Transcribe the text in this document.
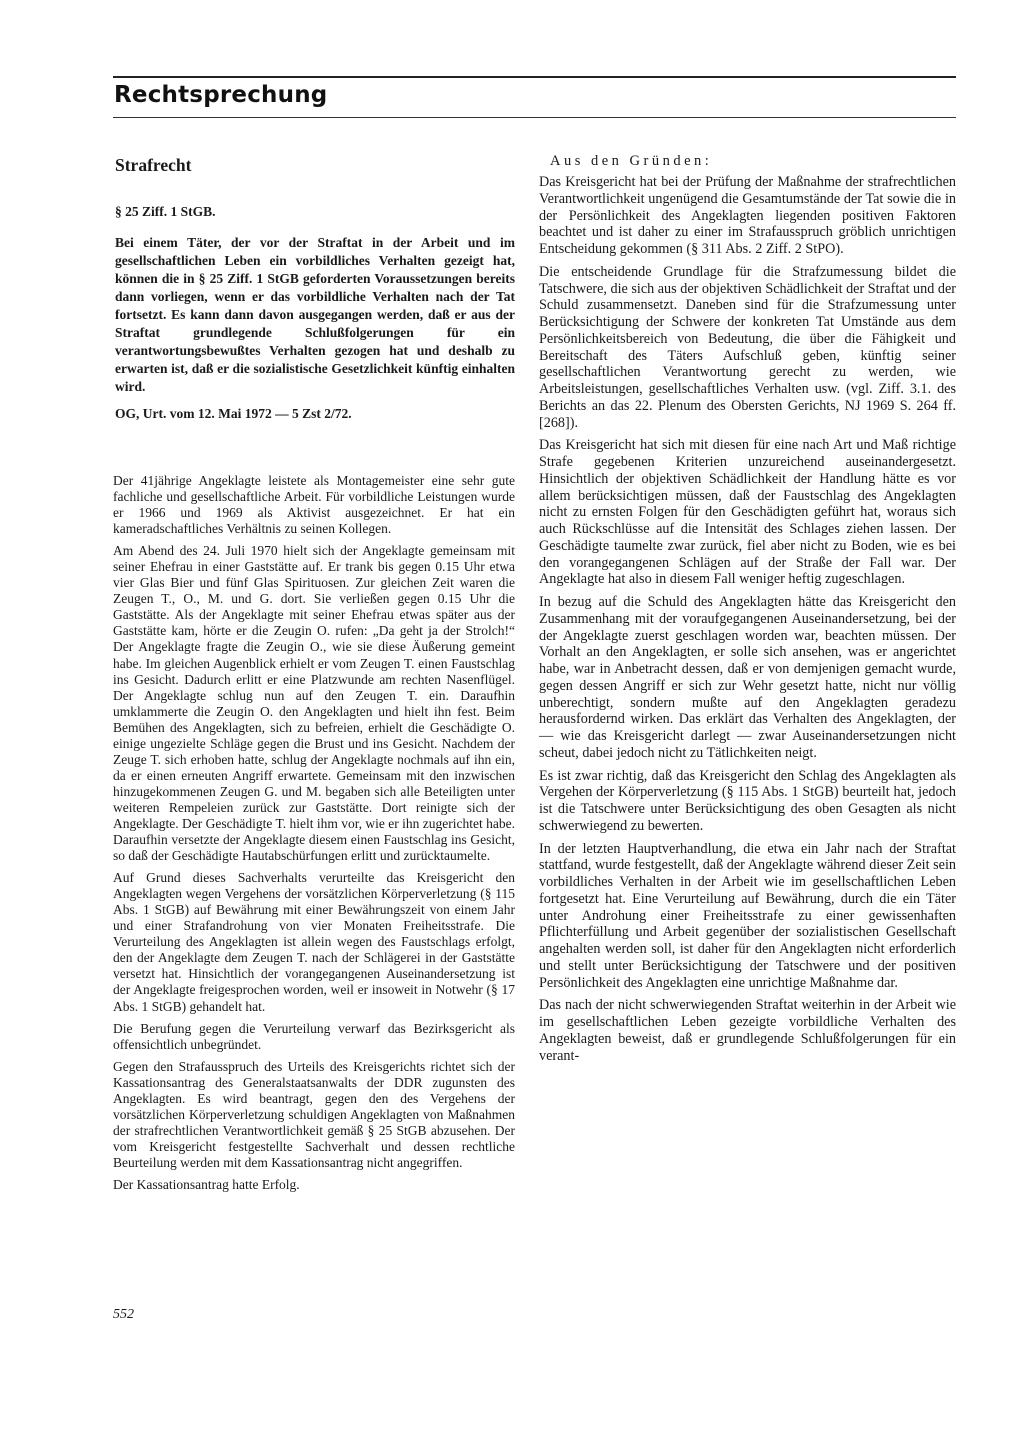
Rechtsprechung
Strafrecht
§ 25 Ziff. 1 StGB.
Bei einem Täter, der vor der Straftat in der Arbeit und im gesellschaftlichen Leben ein vorbildliches Verhalten gezeigt hat, können die in § 25 Ziff. 1 StGB geforderten Voraussetzungen bereits dann vorliegen, wenn er das vorbildliche Verhalten nach der Tat fortsetzt. Es kann dann davon ausgegangen werden, daß er aus der Straftat grundlegende Schlußfolgerungen für ein verantwortungsbewußtes Verhalten gezogen hat und deshalb zu erwarten ist, daß er die sozialistische Gesetzlichkeit künftig einhalten wird.
OG, Urt. vom 12. Mai 1972 — 5 Zst 2/72.

Der 41jährige Angeklagte leistete als Montagemeister eine sehr gute fachliche und gesellschaftliche Arbeit. Für vorbildliche Leistungen wurde er 1966 und 1969 als Aktivist ausgezeichnet. Er hat ein kameradschaftliches Verhältnis zu seinen Kollegen.

Am Abend des 24. Juli 1970 hielt sich der Angeklagte gemeinsam mit seiner Ehefrau in einer Gaststätte auf. Er trank bis gegen 0.15 Uhr etwa vier Glas Bier und fünf Glas Spirituosen. Zur gleichen Zeit waren die Zeugen T., O., M. und G. dort. Sie verließen gegen 0.15 Uhr die Gaststätte. Als der Angeklagte mit seiner Ehefrau etwas später aus der Gaststätte kam, hörte er die Zeugin O. rufen: „Da geht ja der Strolch!“ Der Angeklagte fragte die Zeugin O., wie sie diese Äußerung gemeint habe. Im gleichen Augenblick erhielt er vom Zeugen T. einen Faustschlag ins Gesicht. Dadurch erlitt er eine Platzwunde am rechten Nasenflügel. Der Angeklagte schlug nun auf den Zeugen T. ein. Daraufhin umklammerte die Zeugin O. den Angeklagten und hielt ihn fest. Beim Bemühen des Angeklagten, sich zu befreien, erhielt die Geschädigte O. einige ungezielte Schläge gegen die Brust und ins Gesicht. Nachdem der Zeuge T. sich erhoben hatte, schlug der Angeklagte nochmals auf ihn ein, da er einen erneuten Angriff erwartete. Gemeinsam mit den inzwischen hinzugekommenen Zeugen G. und M. begaben sich alle Beteiligten unter weiteren Rempeleien zurück zur Gaststätte. Dort reinigte sich der Angeklagte. Der Geschädigte T. hielt ihm vor, wie er ihn zugerichtet habe. Daraufhin versetzte der Angeklagte diesem einen Faustschlag ins Gesicht, so daß der Geschädigte Hautabschürfungen erlitt und zurücktaumelte.

Auf Grund dieses Sachverhalts verurteilte das Kreisgericht den Angeklagten wegen Vergehens der vorsätzlichen Körperverletzung (§ 115 Abs. 1 StGB) auf Bewährung mit einer Bewährungszeit von einem Jahr und einer Strafandrohung von vier Monaten Freiheitsstrafe. Die Verurteilung des Angeklagten ist allein wegen des Faustschlags erfolgt, den der Angeklagte dem Zeugen T. nach der Schlägerei in der Gaststätte versetzt hat. Hinsichtlich der vorangegangenen Auseinandersetzung ist der Angeklagte freigesprochen worden, weil er insoweit in Notwehr (§ 17 Abs. 1 StGB) gehandelt hat.

Die Berufung gegen die Verurteilung verwarf das Bezirksgericht als offensichtlich unbegründet.

Gegen den Strafausspruch des Urteils des Kreisgerichts richtet sich der Kassationsantrag des Generalstaatsanwalts der DDR zugunsten des Angeklagten. Es wird beantragt, gegen den des Vergehens der vorsätzlichen Körperverletzung schuldigen Angeklagten von Maßnahmen der strafrechtlichen Verantwortlichkeit gemäß § 25 StGB abzusehen. Der vom Kreisgericht festgestellte Sachverhalt und dessen rechtliche Beurteilung werden mit dem Kassationsantrag nicht angegriffen.

Der Kassationsantrag hatte Erfolg.

Aus den Gründen:

Das Kreisgericht hat bei der Prüfung der Maßnahme der strafrechtlichen Verantwortlichkeit ungenügend die Gesamtumstände der Tat sowie die in der Persönlichkeit des Angeklagten liegenden positiven Faktoren beachtet und ist daher zu einer im Strafausspruch gröblich unrichtigen Entscheidung gekommen (§ 311 Abs. 2 Ziff. 2 StPO).

Die entscheidende Grundlage für die Strafzumessung bildet die Tatschwere, die sich aus der objektiven Schädlichkeit der Straftat und der Schuld zusammensetzt. Daneben sind für die Strafzumessung unter Berücksichtigung der Schwere der konkreten Tat Umstände aus dem Persönlichkeitsbereich von Bedeutung, die über die Fähigkeit und Bereitschaft des Täters Aufschluß geben, künftig seiner gesellschaftlichen Verantwortung gerecht zu werden, wie Arbeitsleistungen, gesellschaftliches Verhalten usw. (vgl. Ziff. 3.1. des Berichts an das 22. Plenum des Obersten Gerichts, NJ 1969 S. 264 ff. [268]).

Das Kreisgericht hat sich mit diesen für eine nach Art und Maß richtige Strafe gegebenen Kriterien unzureichend auseinandergesetzt. Hinsichtlich der objektiven Schädlichkeit der Handlung hätte es vor allem berücksichtigen müssen, daß der Faustschlag des Angeklagten nicht zu ernsten Folgen für den Geschädigten geführt hat, woraus sich auch Rückschlüsse auf die Intensität des Schlages ziehen lassen. Der Geschädigte taumelte zwar zurück, fiel aber nicht zu Boden, wie es bei den vorangegangenen Schlägen auf der Straße der Fall war. Der Angeklagte hat also in diesem Fall weniger heftig zugeschlagen.

In bezug auf die Schuld des Angeklagten hätte das Kreisgericht den Zusammenhang mit der voraufgegangenen Auseinandersetzung, bei der der Angeklagte zuerst geschlagen worden war, beachten müssen. Der Vorhalt an den Angeklagten, er solle sich ansehen, was er angerichtet habe, war in Anbetracht dessen, daß er von demjenigen gemacht wurde, gegen dessen Angriff er sich zur Wehr gesetzt hatte, nicht nur völlig unberechtigt, sondern mußte auf den Angeklagten geradezu herausfordernd wirken. Das erklärt das Verhalten des Angeklagten, der — wie das Kreisgericht darlegt — zwar Auseinandersetzungen nicht scheut, dabei jedoch nicht zu Tätlichkeiten neigt.

Es ist zwar richtig, daß das Kreisgericht den Schlag des Angeklagten als Vergehen der Körperverletzung (§ 115 Abs. 1 StGB) beurteilt hat, jedoch ist die Tatschwere unter Berücksichtigung des oben Gesagten als nicht schwerwiegend zu bewerten.

In der letzten Hauptverhandlung, die etwa ein Jahr nach der Straftat stattfand, wurde festgestellt, daß der Angeklagte während dieser Zeit sein vorbildliches Verhalten in der Arbeit wie im gesellschaftlichen Leben fortgesetzt hat. Eine Verurteilung auf Bewährung, durch die ein Täter unter Androhung einer Freiheitsstrafe zu einer gewissenhaften Pflichterfüllung und Arbeit gegenüber der sozialistischen Gesellschaft angehalten werden soll, ist daher für den Angeklagten nicht erforderlich und stellt unter Berücksichtigung der Tatschwere und der positiven Persönlichkeit des Angeklagten eine unrichtige Maßnahme dar.

Das nach der nicht schwerwiegenden Straftat weiterhin in der Arbeit wie im gesellschaftlichen Leben gezeigte vorbildliche Verhalten des Angeklagten beweist, daß er grundlegende Schlußfolgerungen für ein verant-

552
